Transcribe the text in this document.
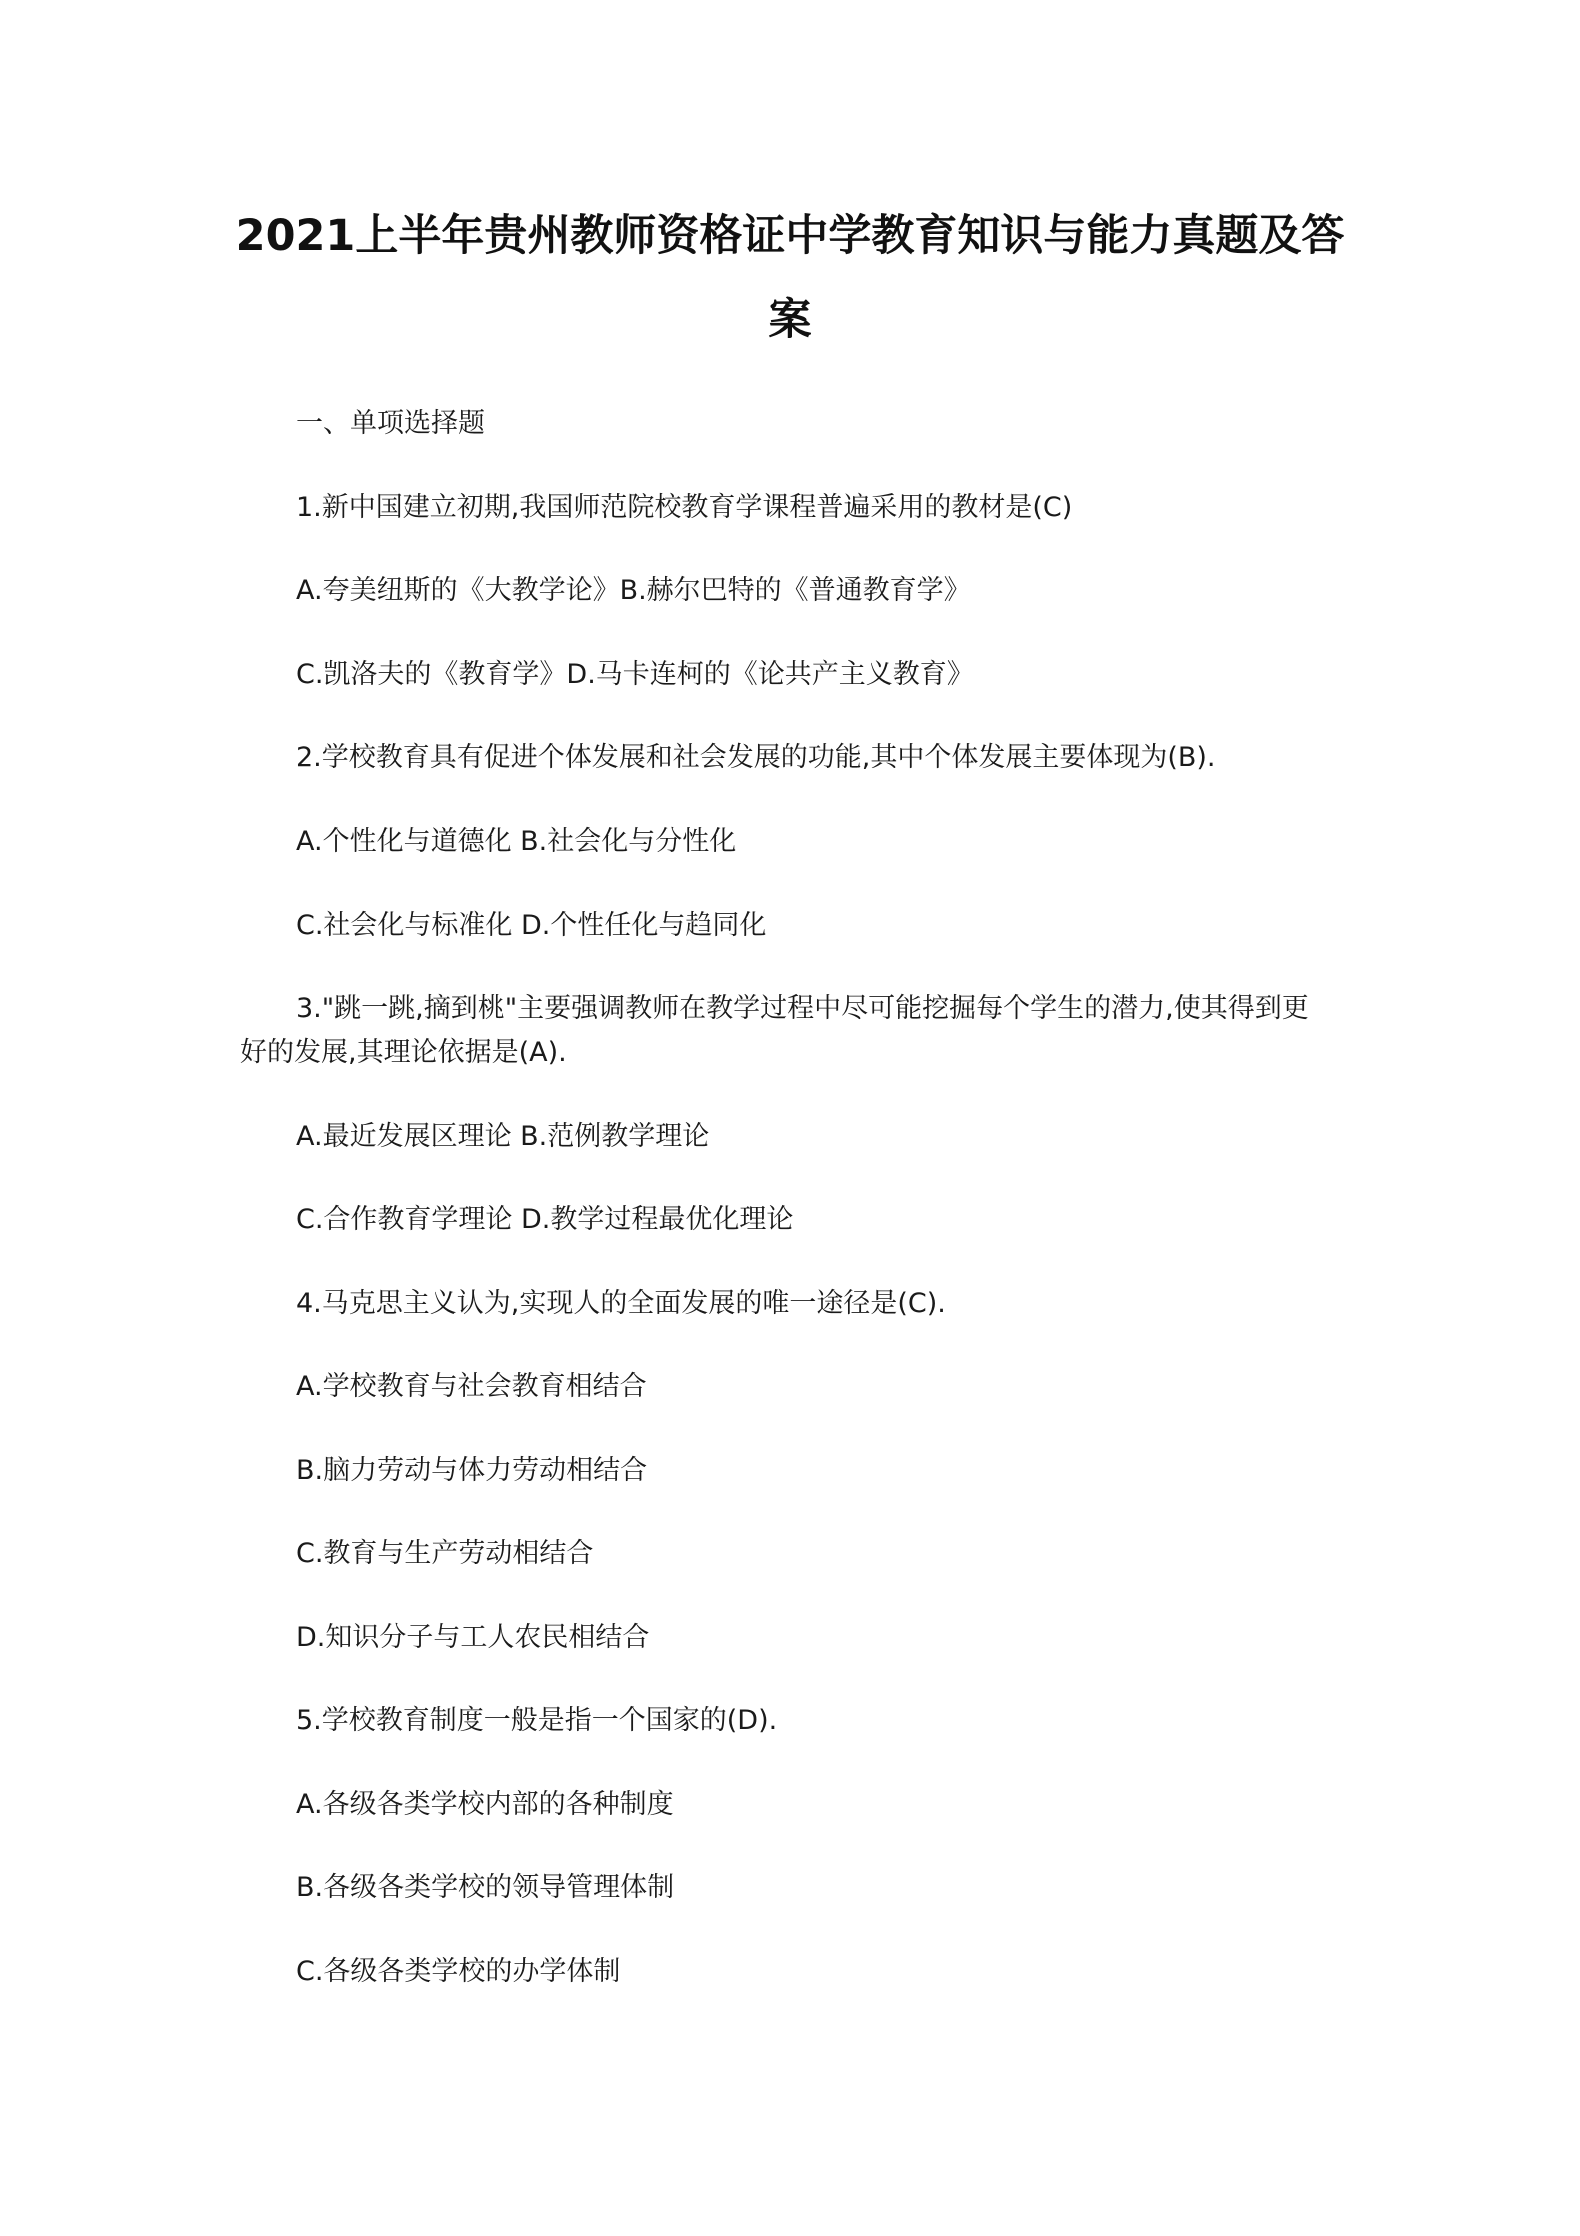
2021上半年贵州教师资格证中学教育知识与能力真题及答
案

一、单项选择题

1.新中国建立初期,我国师范院校教育学课程普遍采用的教材是(C)

A.夸美纽斯的《大教学论》B.赫尔巴特的《普通教育学》

C.凯洛夫的《教育学》D.马卡连柯的《论共产主义教育》

2.学校教育具有促进个体发展和社会发展的功能,其中个体发展主要体现为(B).

A.个性化与道德化 B.社会化与分性化

C.社会化与标准化 D.个性任化与趋同化

3."跳一跳,摘到桃"主要强调教师在教学过程中尽可能挖掘每个学生的潜力,使其得到更

好的发展,其理论依据是(A).

A.最近发展区理论 B.范例教学理论

C.合作教育学理论 D.教学过程最优化理论

4.马克思主义认为,实现人的全面发展的唯一途径是(C).

A.学校教育与社会教育相结合

B.脑力劳动与体力劳动相结合

C.教育与生产劳动相结合

D.知识分子与工人农民相结合

5.学校教育制度一般是指一个国家的(D).

A.各级各类学校内部的各种制度

B.各级各类学校的领导管理体制

C.各级各类学校的办学体制
